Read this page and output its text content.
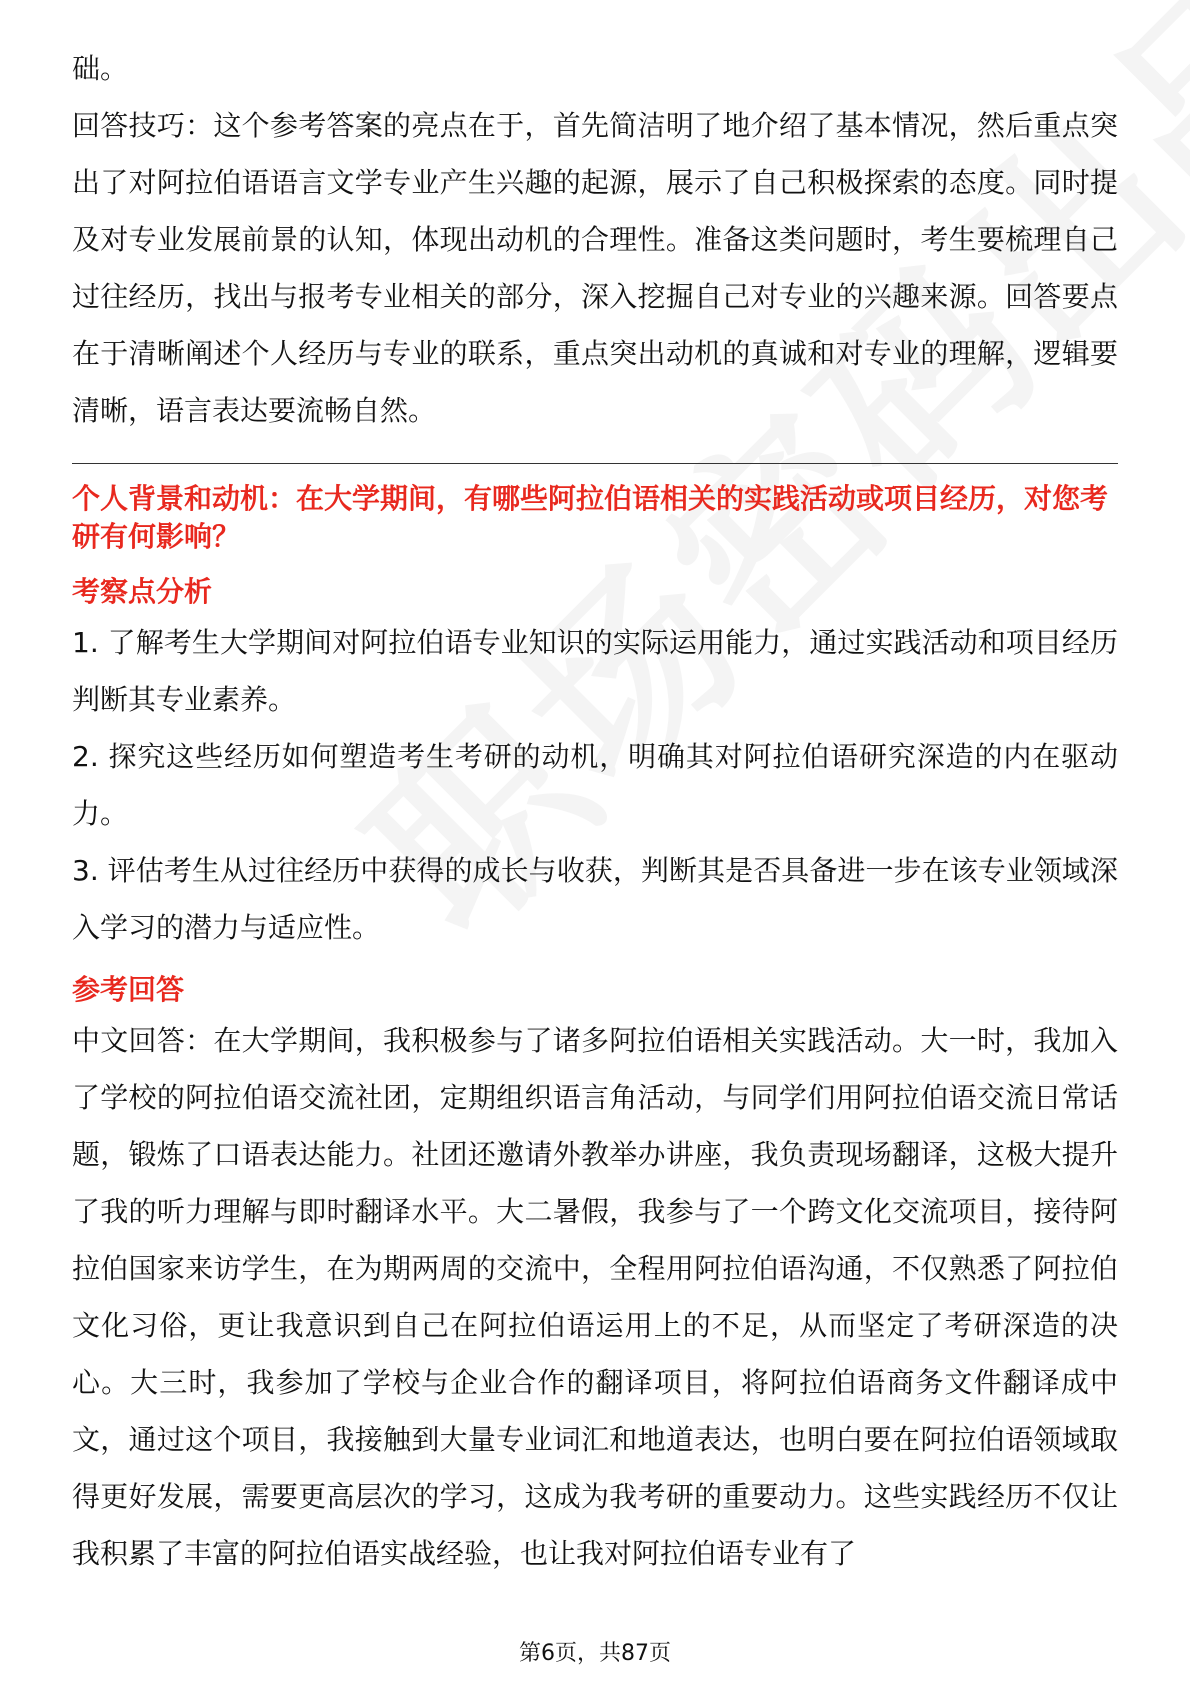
础。

回答技巧：这个参考答案的亮点在于，首先简洁明了地介绍了基本情况，然后重点突出了对阿拉伯语语言文学专业产生兴趣的起源，展示了自己积极探索的态度。同时提及对专业发展前景的认知，体现出动机的合理性。准备这类问题时，考生要梳理自己过往经历，找出与报考专业相关的部分，深入挖掘自己对专业的兴趣来源。回答要点在于清晰阐述个人经历与专业的联系，重点突出动机的真诚和对专业的理解，逻辑要清晰，语言表达要流畅自然。

个人背景和动机：在大学期间，有哪些阿拉伯语相关的实践活动或项目经历，对您考研有何影响？

考察点分析

1. 了解考生大学期间对阿拉伯语专业知识的实际运用能力，通过实践活动和项目经历判断其专业素养。

2. 探究这些经历如何塑造考生考研的动机，明确其对阿拉伯语研究深造的内在驱动力。

3. 评估考生从过往经历中获得的成长与收获，判断其是否具备进一步在该专业领域深入学习的潜力与适应性。

参考回答

中文回答：在大学期间，我积极参与了诸多阿拉伯语相关实践活动。大一时，我加入了学校的阿拉伯语交流社团，定期组织语言角活动，与同学们用阿拉伯语交流日常话题，锻炼了口语表达能力。社团还邀请外教举办讲座，我负责现场翻译，这极大提升了我的听力理解与即时翻译水平。大二暑假，我参与了一个跨文化交流项目，接待阿拉伯国家来访学生，在为期两周的交流中，全程用阿拉伯语沟通，不仅熟悉了阿拉伯文化习俗，更让我意识到自己在阿拉伯语运用上的不足，从而坚定了考研深造的决心。大三时，我参加了学校与企业合作的翻译项目，将阿拉伯语商务文件翻译成中文，通过这个项目，我接触到大量专业词汇和地道表达，也明白要在阿拉伯语领域取得更好发展，需要更高层次的学习，这成为我考研的重要动力。这些实践经历不仅让我积累了丰富的阿拉伯语实战经验，也让我对阿拉伯语专业有了

第6页，共87页
